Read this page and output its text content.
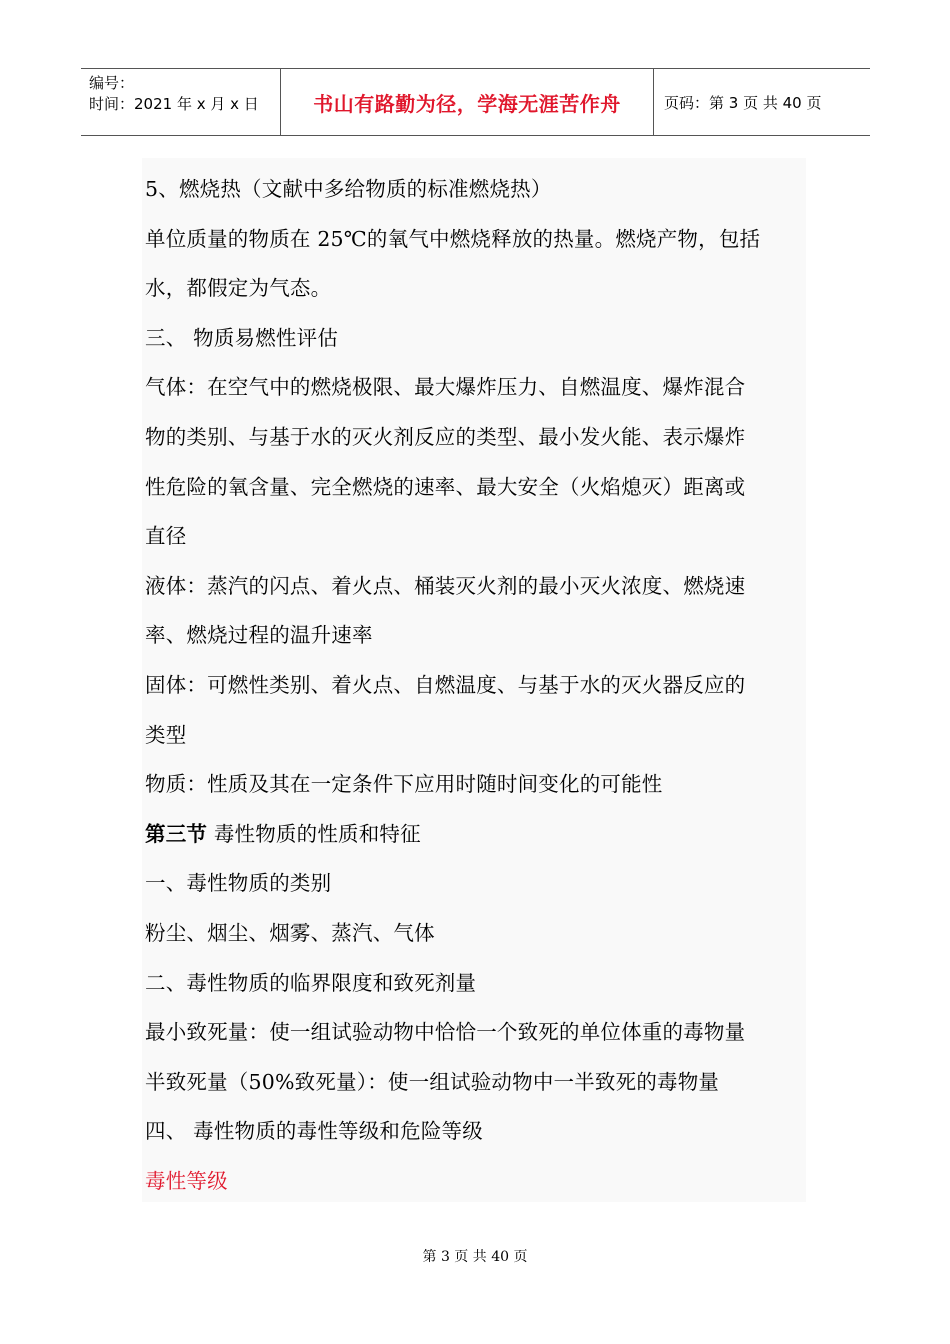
编号：
时间：2021 年 x 月 x 日	书山有路勤为径，学海无涯苦作舟	页码：第 3 页 共 40 页
5、燃烧热（文献中多给物质的标准燃烧热）
单位质量的物质在 25℃的氧气中燃烧释放的热量。燃烧产物，包括
水，都假定为气态。
三、 物质易燃性评估
气体：在空气中的燃烧极限、最大爆炸压力、自燃温度、爆炸混合
物的类别、与基于水的灭火剂反应的类型、最小发火能、表示爆炸
性危险的氧含量、完全燃烧的速率、最大安全（火焰熄灭）距离或
直径
液体：蒸汽的闪点、着火点、桶装灭火剂的最小灭火浓度、燃烧速
率、燃烧过程的温升速率
固体：可燃性类别、着火点、自燃温度、与基于水的灭火器反应的
类型
物质：性质及其在一定条件下应用时随时间变化的可能性
第三节 毒性物质的性质和特征
一、毒性物质的类别
粉尘、烟尘、烟雾、蒸汽、气体
二、毒性物质的临界限度和致死剂量
最小致死量：使一组试验动物中恰恰一个致死的单位体重的毒物量
半致死量（50%致死量）：使一组试验动物中一半致死的毒物量
四、 毒性物质的毒性等级和危险等级
毒性等级
第 3 页 共 40 页
